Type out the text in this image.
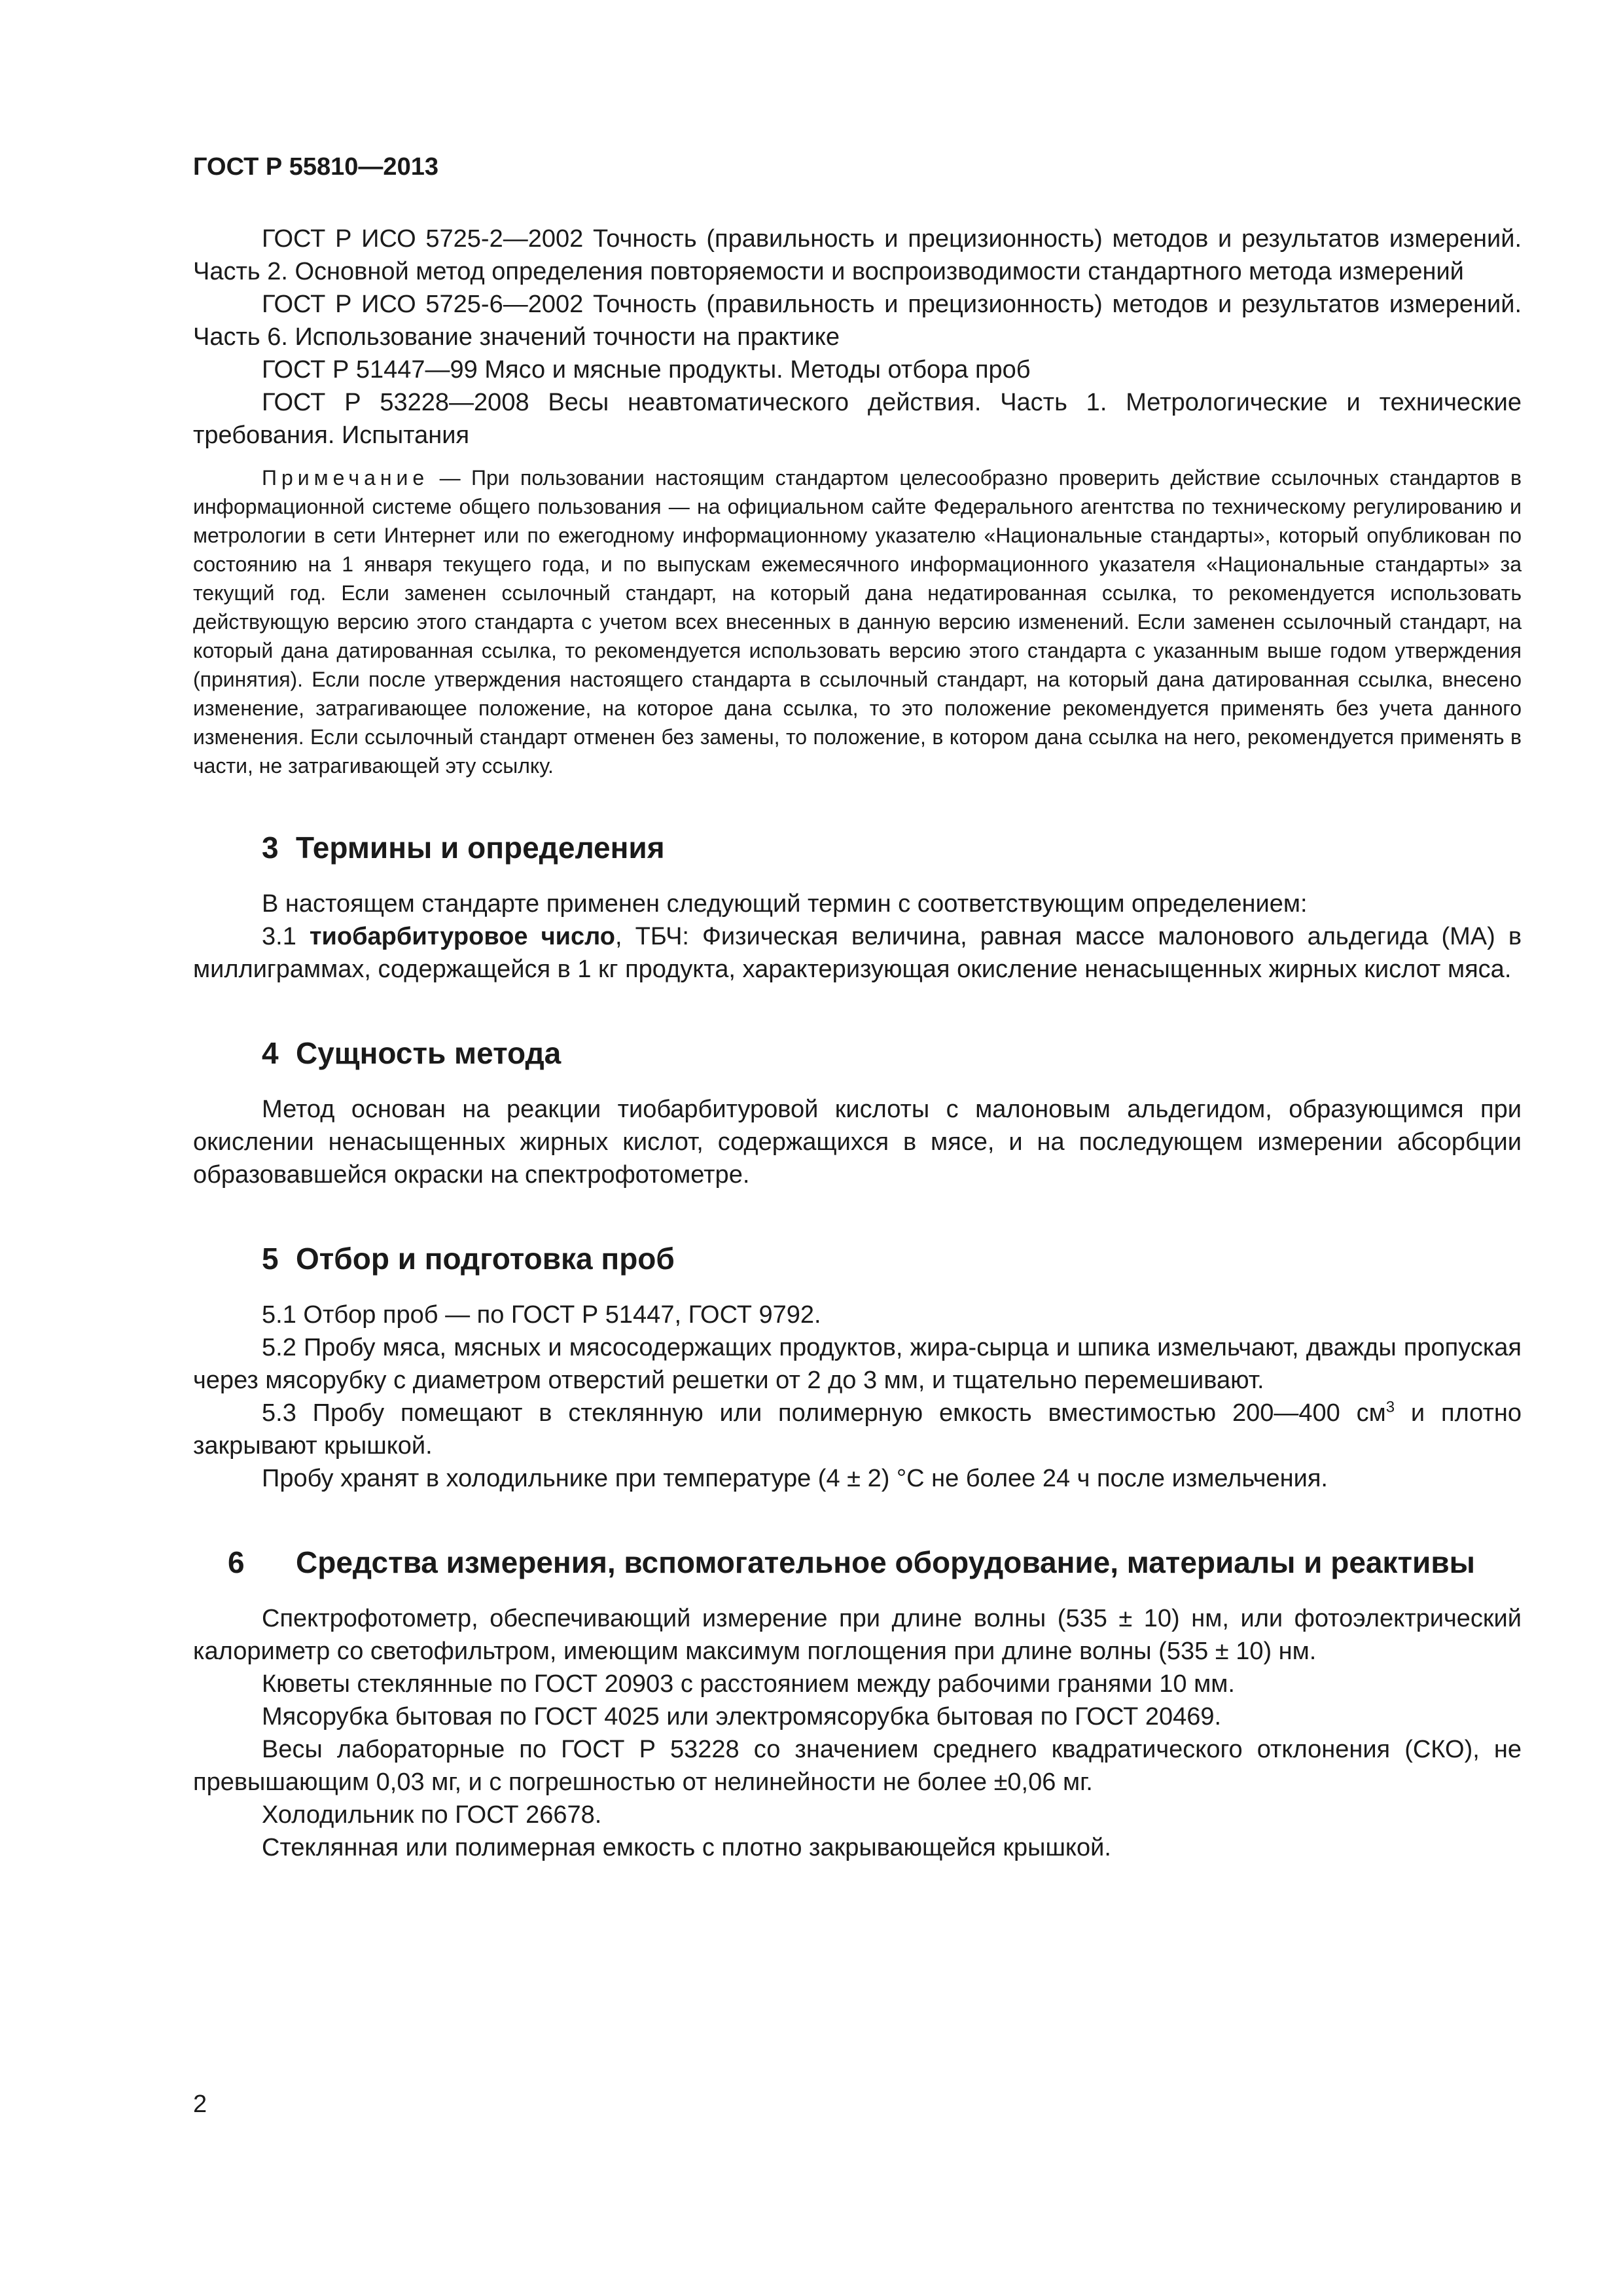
ГОСТ Р 55810—2013

ГОСТ Р ИСО 5725-2—2002 Точность (правильность и прецизионность) методов и результатов измерений. Часть 2. Основной метод определения повторяемости и воспроизводимости стандартного метода измерений

ГОСТ Р ИСО 5725-6—2002 Точность (правильность и прецизионность) методов и результатов измерений. Часть 6. Использование значений точности на практике

ГОСТ Р 51447—99 Мясо и мясные продукты. Методы отбора проб

ГОСТ Р 53228—2008 Весы неавтоматического действия. Часть 1. Метрологические и технические требования. Испытания

Примечание — При пользовании настоящим стандартом целесообразно проверить действие ссылочных стандартов в информационной системе общего пользования — на официальном сайте Федерального агентства по техническому регулированию и метрологии в сети Интернет или по ежегодному информационному указателю «Национальные стандарты», который опубликован по состоянию на 1 января текущего года, и по выпускам ежемесячного информационного указателя «Национальные стандарты» за текущий год. Если заменен ссылочный стандарт, на который дана недатированная ссылка, то рекомендуется использовать действующую версию этого стандарта с учетом всех внесенных в данную версию изменений. Если заменен ссылочный стандарт, на который дана датированная ссылка, то рекомендуется использовать версию этого стандарта с указанным выше годом утверждения (принятия). Если после утверждения настоящего стандарта в ссылочный стандарт, на который дана датированная ссылка, внесено изменение, затрагивающее положение, на которое дана ссылка, то это положение рекомендуется применять без учета данного изменения. Если ссылочный стандарт отменен без замены, то положение, в котором дана ссылка на него, рекомендуется применять в части, не затрагивающей эту ссылку.

3 Термины и определения

В настоящем стандарте применен следующий термин с соответствующим определением:

3.1 тиобарбитуровое число, ТБЧ: Физическая величина, равная массе малонового альдегида (МА) в миллиграммах, содержащейся в 1 кг продукта, характеризующая окисление ненасыщенных жирных кислот мяса.

4 Сущность метода

Метод основан на реакции тиобарбитуровой кислоты с малоновым альдегидом, образующимся при окислении ненасыщенных жирных кислот, содержащихся в мясе, и на последующем измерении абсорбции образовавшейся окраски на спектрофотометре.

5 Отбор и подготовка проб

5.1 Отбор проб — по ГОСТ Р 51447, ГОСТ 9792.

5.2 Пробу мяса, мясных и мясосодержащих продуктов, жира-сырца и шпика измельчают, дважды пропуская через мясорубку с диаметром отверстий решетки от 2 до 3 мм, и тщательно перемешивают.

5.3 Пробу помещают в стеклянную или полимерную емкость вместимостью 200—400 $см^3$ и плотно закрывают крышкой.

Пробу хранят в холодильнике при температуре (4 ± 2) °С не более 24 ч после измельчения.

6 Средства измерения, вспомогательное оборудование, материалы и реактивы

Спектрофотометр, обеспечивающий измерение при длине волны (535 ± 10) нм, или фотоэлектрический калориметр со светофильтром, имеющим максимум поглощения при длине волны (535 ± 10) нм.

Кюветы стеклянные по ГОСТ 20903 с расстоянием между рабочими гранями 10 мм.

Мясорубка бытовая по ГОСТ 4025 или электромясорубка бытовая по ГОСТ 20469.

Весы лабораторные по ГОСТ Р 53228 со значением среднего квадратического отклонения (СКО), не превышающим 0,03 мг, и с погрешностью от нелинейности не более ±0,06 мг.

Холодильник по ГОСТ 26678.

Стеклянная или полимерная емкость с плотно закрывающейся крышкой.

2
